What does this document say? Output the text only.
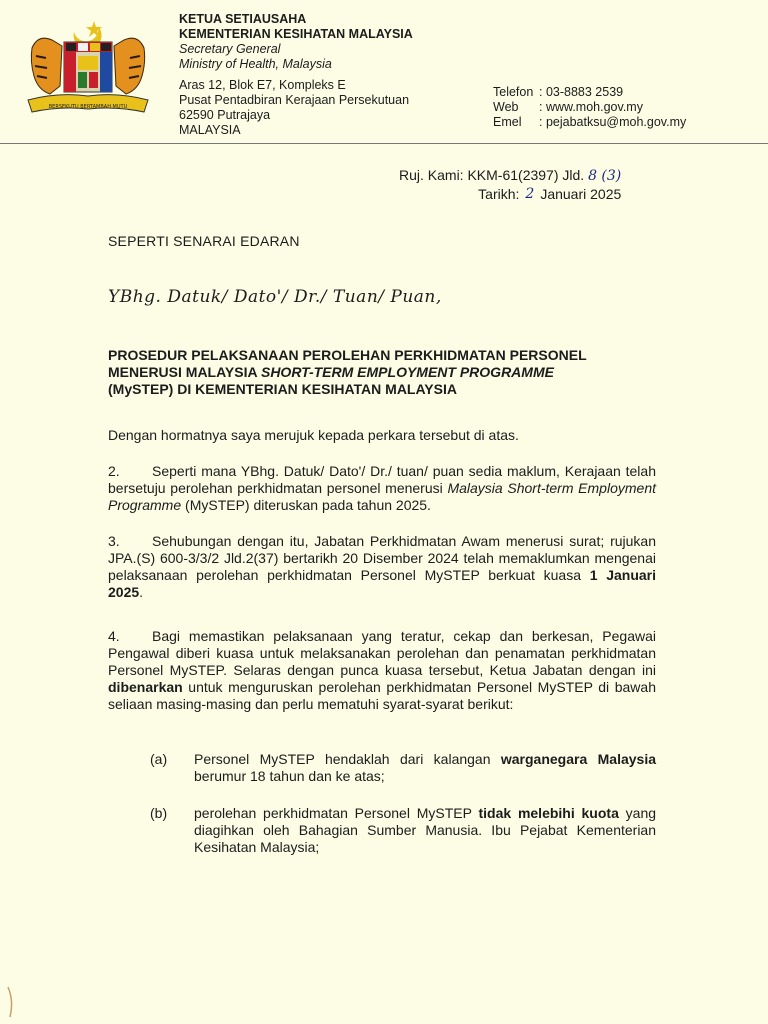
BERSEKUTU BERTAMBAH MUTU
KETUA SETIAUSAHA
KEMENTERIAN KESIHATAN MALAYSIA
Secretary General
Ministry of Health, Malaysia
Aras 12, Blok E7, Kompleks E
Pusat Pentadbiran Kerajaan Persekutuan
62590 Putrajaya
MALAYSIA
Telefon : 03-8883 2539
Web	: www.moh.gov.my
Emel	: pejabatksu@moh.gov.my
Ruj. Kami: KKM-61(2397) Jld. 8 (3)
Tarikh: 2 Januari 2025
SEPERTI SENARAI EDARAN
YBhg. Datuk/ Dato'/ Dr./ Tuan/ Puan,
PROSEDUR PELAKSANAAN PEROLEHAN PERKHIDMATAN PERSONEL
MENERUSI MALAYSIA SHORT-TERM EMPLOYMENT PROGRAMME
(MySTEP) DI KEMENTERIAN KESIHATAN MALAYSIA
Dengan hormatnya saya merujuk kepada perkara tersebut di atas.
2. Seperti mana YBhg. Datuk/ Dato'/ Dr./ tuan/ puan sedia maklum, Kerajaan telah bersetuju perolehan perkhidmatan personel menerusi Malaysia Short-term Employment Programme (MySTEP) diteruskan pada tahun 2025.
3. Sehubungan dengan itu, Jabatan Perkhidmatan Awam menerusi surat; rujukan JPA.(S) 600-3/3/2 Jld.2(37) bertarikh 20 Disember 2024 telah memaklumkan mengenai pelaksanaan perolehan perkhidmatan Personel MySTEP berkuat kuasa 1 Januari 2025.
4. Bagi memastikan pelaksanaan yang teratur, cekap dan berkesan, Pegawai Pengawal diberi kuasa untuk melaksanakan perolehan dan penamatan perkhidmatan Personel MySTEP. Selaras dengan punca kuasa tersebut, Ketua Jabatan dengan ini dibenarkan untuk menguruskan perolehan perkhidmatan Personel MySTEP di bawah seliaan masing-masing dan perlu mematuhi syarat-syarat berikut:
(a)	Personel MySTEP hendaklah dari kalangan warganegara Malaysia berumur 18 tahun dan ke atas;
(b)	perolehan perkhidmatan Personel MySTEP tidak melebihi kuota yang diagihkan oleh Bahagian Sumber Manusia. Ibu Pejabat Kementerian Kesihatan Malaysia;
